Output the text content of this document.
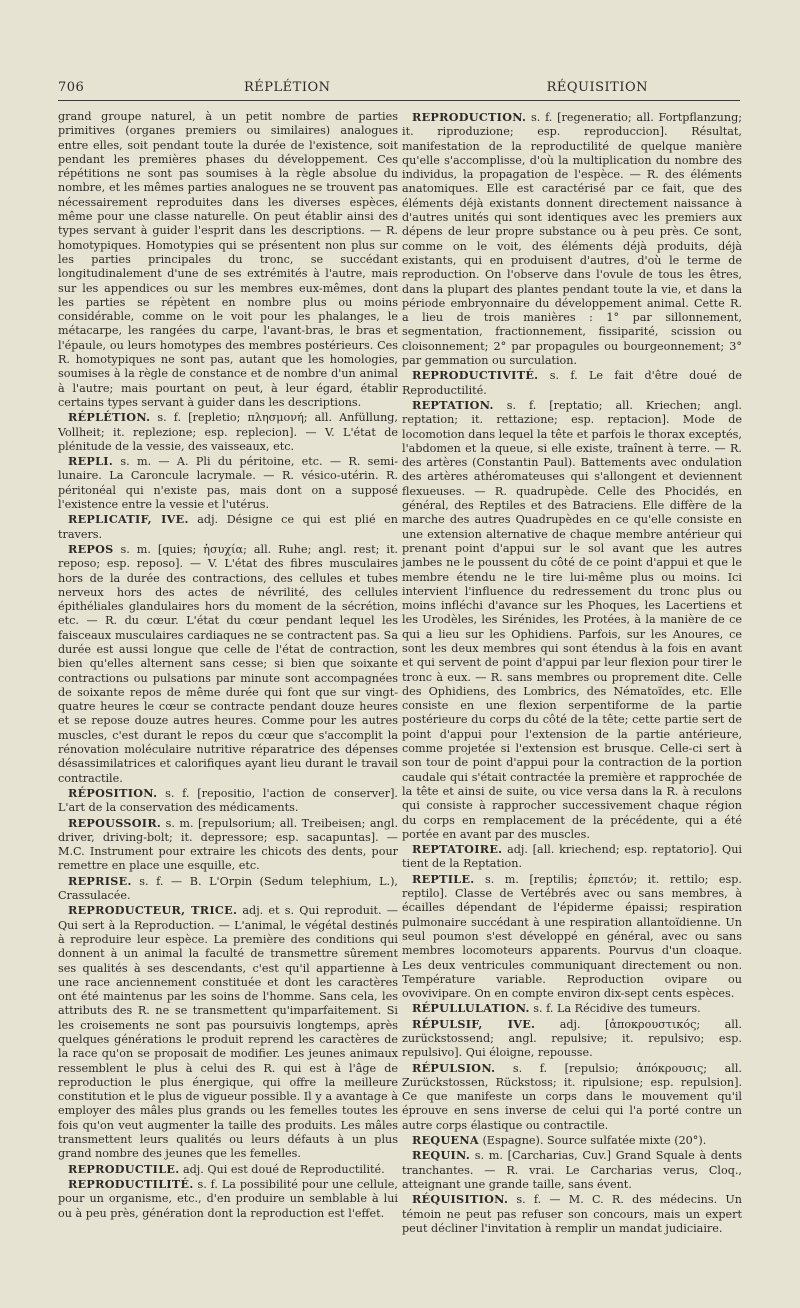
706	RÉPLÉTION	RÉQUISITION

grand groupe naturel, à un petit nombre de parties primitives (organes premiers ou similaires) analogues entre elles, soit pendant toute la durée de l'existence, soit pendant les premières phases du développement. Ces répétitions ne sont pas soumises à la règle absolue du nombre, et les mêmes parties analogues ne se trouvent pas nécessairement reproduites dans les diverses espèces, même pour une classe naturelle. On peut établir ainsi des types servant à guider l'esprit dans les descriptions. — R. homotypiques. Homotypies qui se présentent non plus sur les parties principales du tronc, se succédant longitudinalement d'une de ses extrémités à l'autre, mais sur les appendices ou sur les membres eux-mêmes, dont les parties se répètent en nombre plus ou moins considérable, comme on le voit pour les phalanges, le métacarpe, les rangées du carpe, l'avant-bras, le bras et l'épaule, ou leurs homotypes des membres postérieurs. Ces R. homotypiques ne sont pas, autant que les homologies, soumises à la règle de constance et de nombre d'un animal à l'autre; mais pourtant on peut, à leur égard, établir certains types servant à guider dans les descriptions.

RÉPLÉTION. s. f. [repletio; πλησμονή; all. Anfüllung, Vollheit; it. replezione; esp. replecion]. — V. L'état de plénitude de la vessie, des vaisseaux, etc.

REPLI. s. m. — A. Pli du péritoine, etc. — R. semi-lunaire. La Caroncule lacrymale. — R. vésico-utérin. R. péritonéal qui n'existe pas, mais dont on a supposé l'existence entre la vessie et l'utérus.

REPLICATIF, IVE. adj. Désigne ce qui est plié en travers.

REPOS s. m. [quies; ἡσυχία; all. Ruhe; angl. rest; it. reposo; esp. reposo]. — V. L'état des fibres musculaires hors de la durée des contractions, des cellules et tubes nerveux hors des actes de névrilité, des cellules épithéliales glandulaires hors du moment de la sécrétion, etc. — R. du cœur. L'état du cœur pendant lequel les faisceaux musculaires cardiaques ne se contractent pas. Sa durée est aussi longue que celle de l'état de contraction, bien qu'elles alternent sans cesse; si bien que soixante contractions ou pulsations par minute sont accompagnées de soixante repos de même durée qui font que sur vingt-quatre heures le cœur se contracte pendant douze heures et se repose douze autres heures. Comme pour les autres muscles, c'est durant le repos du cœur que s'accomplit la rénovation moléculaire nutritive réparatrice des dépenses désassimilatrices et calorifiques ayant lieu durant le travail contractile.

RÉPOSITION. s. f. [repositio, l'action de conserver]. L'art de la conservation des médicaments.

REPOUSSOIR. s. m. [repulsorium; all. Treibeisen; angl. driver, driving-bolt; it. depressore; esp. sacapuntas]. — M.C. Instrument pour extraire les chicots des dents, pour remettre en place une esquille, etc.

REPRISE. s. f. — B. L'Orpin (Sedum telephium, L.), Crassulacée.

REPRODUCTEUR, TRICE. adj. et s. Qui reproduit. — Qui sert à la Reproduction. — L'animal, le végétal destinés à reproduire leur espèce. La première des conditions qui donnent à un animal la faculté de transmettre sûrement ses qualités à ses descendants, c'est qu'il appartienne à une race anciennement constituée et dont les caractères ont été maintenus par les soins de l'homme. Sans cela, les attributs des R. ne se transmettent qu'imparfaitement. Si les croisements ne sont pas poursuivis longtemps, après quelques générations le produit reprend les caractères de la race qu'on se proposait de modifier. Les jeunes animaux ressemblent le plus à celui des R. qui est à l'âge de reproduction le plus énergique, qui offre la meilleure constitution et le plus de vigueur possible. Il y a avantage à employer des mâles plus grands ou les femelles toutes les fois qu'on veut augmenter la taille des produits. Les mâles transmettent leurs qualités ou leurs défauts à un plus grand nombre des jeunes que les femelles.

REPRODUCTILE. adj. Qui est doué de Reproductilité.

REPRODUCTILITÉ. s. f. La possibilité pour une cellule, pour un organisme, etc., d'en produire un semblable à lui ou à peu près, génération dont la reproduction est l'effet.

REPRODUCTION. s. f. [regeneratio; all. Fortpflanzung; it. riproduzione; esp. reproduccion]. Résultat, manifestation de la reproductilité de quelque manière qu'elle s'accomplisse, d'où la multiplication du nombre des individus, la propagation de l'espèce. — R. des éléments anatomiques. Elle est caractérisé par ce fait, que des éléments déjà existants donnent directement naissance à d'autres unités qui sont identiques avec les premiers aux dépens de leur propre substance ou à peu près. Ce sont, comme on le voit, des éléments déjà produits, déjà existants, qui en produisent d'autres, d'où le terme de reproduction. On l'observe dans l'ovule de tous les êtres, dans la plupart des plantes pendant toute la vie, et dans la période embryonnaire du développement animal. Cette R. a lieu de trois manières : 1° par sillonnement, segmentation, fractionnement, fissiparité, scission ou cloisonnement; 2° par propagules ou bourgeonnement; 3° par gemmation ou surculation.

REPRODUCTIVITÉ. s. f. Le fait d'être doué de Reproductilité.

REPTATION. s. f. [reptatio; all. Kriechen; angl. reptation; it. rettazione; esp. reptacion]. Mode de locomotion dans lequel la tête et parfois le thorax exceptés, l'abdomen et la queue, si elle existe, traînent à terre. — R. des artères (Constantin Paul). Battements avec ondulation des artères athéromateuses qui s'allongent et deviennent flexueuses. — R. quadrupède. Celle des Phocidés, en général, des Reptiles et des Batraciens. Elle diffère de la marche des autres Quadrupèdes en ce qu'elle consiste en une extension alternative de chaque membre antérieur qui prenant point d'appui sur le sol avant que les autres jambes ne le poussent du côté de ce point d'appui et que le membre étendu ne le tire lui-même plus ou moins. Ici intervient l'influence du redressement du tronc plus ou moins infléchi d'avance sur les Phoques, les Lacertiens et les Urodèles, les Sirénides, les Protées, à la manière de ce qui a lieu sur les Ophidiens. Parfois, sur les Anoures, ce sont les deux membres qui sont étendus à la fois en avant et qui servent de point d'appui par leur flexion pour tirer le tronc à eux. — R. sans membres ou proprement dite. Celle des Ophidiens, des Lombrics, des Nématoïdes, etc. Elle consiste en une flexion serpentiforme de la partie postérieure du corps du côté de la tête; cette partie sert de point d'appui pour l'extension de la partie antérieure, comme projetée si l'extension est brusque. Celle-ci sert à son tour de point d'appui pour la contraction de la portion caudale qui s'était contractée la première et rapprochée de la tête et ainsi de suite, ou vice versa dans la R. à reculons qui consiste à rapprocher successivement chaque région du corps en remplacement de la précédente, qui a été portée en avant par des muscles.

REPTATOIRE. adj. [all. kriechend; esp. reptatorio]. Qui tient de la Reptation.

REPTILE. s. m. [reptilis; ἑρπετόν; it. rettilo; esp. reptilo]. Classe de Vertébrés avec ou sans membres, à écailles dépendant de l'épiderme épaissi; respiration pulmonaire succédant à une respiration allantoïdienne. Un seul poumon s'est développé en général, avec ou sans membres locomoteurs apparents. Pourvus d'un cloaque. Les deux ventricules communiquant directement ou non. Température variable. Reproduction ovipare ou ovovivipare. On en compte environ dix-sept cents espèces.

RÉPULLULATION. s. f. La Récidive des tumeurs.

RÉPULSIF, IVE. adj. [ἀποκρουστικός; all. zurückstossend; angl. repulsive; it. repulsivo; esp. repulsivo]. Qui éloigne, repousse.

RÉPULSION. s. f. [repulsio; ἀπόκρουσις; all. Zurückstossen, Rückstoss; it. ripulsione; esp. repulsion]. Ce que manifeste un corps dans le mouvement qu'il éprouve en sens inverse de celui qui l'a porté contre un autre corps élastique ou contractile.

REQUENA (Espagne). Source sulfatée mixte (20°).

REQUIN. s. m. [Carcharias, Cuv.] Grand Squale à dents tranchantes. — R. vrai. Le Carcharias verus, Cloq., atteignant une grande taille, sans évent.

RÉQUISITION. s. f. — M. C. R. des médecins. Un témoin ne peut pas refuser son concours, mais un expert peut décliner l'invitation à remplir un mandat judiciaire.
